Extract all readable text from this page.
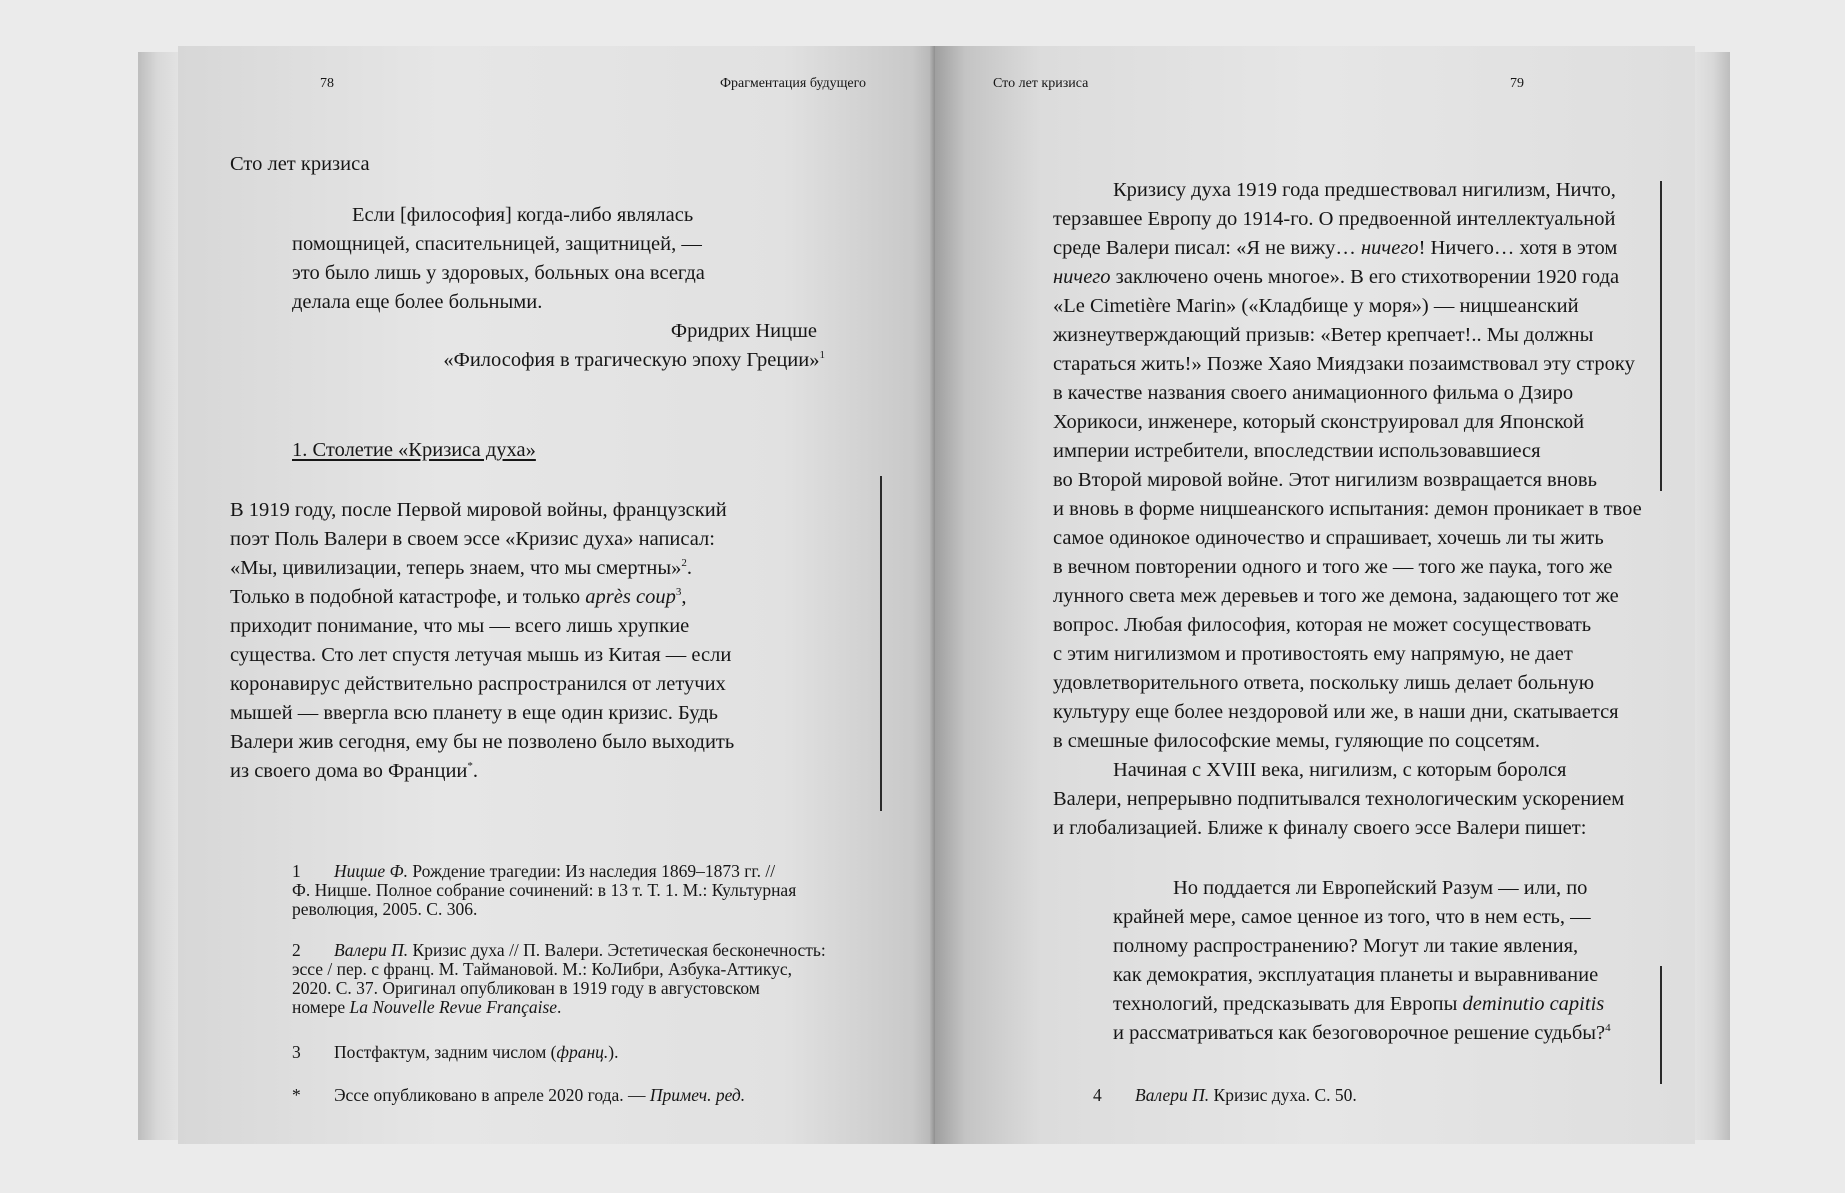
78	Фрагментация будущего
Сто лет кризиса
Если [философия] когда-либо являлась
помощницей, спасительницей, защитницей, —
это было лишь у здоровых, больных она всегда
делала еще более больными.
Фридрих Ницше
«Философия в трагическую эпоху Греции»$^1$
1. Столетие «Кризиса духа»
В 1919 году, после Первой мировой войны, французский
поэт Поль Валери в своем эссе «Кризис духа» написал:
«Мы, цивилизации, теперь знаем, что мы смертны»$^2$.
Только в подобной катастрофе, и только après coup$^3$,
приходит понимание, что мы — всего лишь хрупкие
существа. Сто лет спустя летучая мышь из Китая — если
коронавирус действительно распространился от летучих
мышей — ввергла всю планету в еще один кризис. Будь
Валери жив сегодня, ему бы не позволено было выходить
из своего дома во Франции*.
1 Ницше Ф. Рождение трагедии: Из наследия 1869–1873 гг. //
Ф. Ницше. Полное собрание сочинений: в 13 т. Т. 1. М.: Культурная
революция, 2005. С. 306.
2 Валери П. Кризис духа // П. Валери. Эстетическая бесконечность:
эссе / пер. с франц. М. Таймановой. М.: КоЛибри, Азбука-Аттикус,
2020. С. 37. Оригинал опубликован в 1919 году в августовском
номере La Nouvelle Revue Française.
3 Постфактум, задним числом (франц.).
* Эссе опубликовано в апреле 2020 года. — Примеч. ред.
Сто лет кризиса	79
Кризису духа 1919 года предшествовал нигилизм, Ничто,
терзавшее Европу до 1914-го. О предвоенной интеллектуальной
среде Валери писал: «Я не вижу… ничего! Ничего… хотя в этом
ничего заключено очень многое». В его стихотворении 1920 года
«Le Cimetière Marin» («Кладбище у моря») — ницшеанский
жизнеутверждающий призыв: «Ветер крепчает!.. Мы должны
стараться жить!» Позже Хаяо Миядзаки позаимствовал эту строку
в качестве названия своего анимационного фильма о Дзиро
Хорикоси, инженере, который сконструировал для Японской
империи истребители, впоследствии использовавшиеся
во Второй мировой войне. Этот нигилизм возвращается вновь
и вновь в форме ницшеанского испытания: демон проникает в твое
самое одинокое одиночество и спрашивает, хочешь ли ты жить
в вечном повторении одного и того же — того же паука, того же
лунного света меж деревьев и того же демона, задающего тот же
вопрос. Любая философия, которая не может сосуществовать
с этим нигилизмом и противостоять ему напрямую, не дает
удовлетворительного ответа, поскольку лишь делает больную
культуру еще более нездоровой или же, в наши дни, скатывается
в смешные философские мемы, гуляющие по соцсетям.
Начиная с XVIII века, нигилизм, с которым боролся
Валери, непрерывно подпитывался технологическим ускорением
и глобализацией. Ближе к финалу своего эссе Валери пишет:
Но поддается ли Европейский Разум — или, по
крайней мере, самое ценное из того, что в нем есть, —
полному распространению? Могут ли такие явления,
как демократия, эксплуатация планеты и выравнивание
технологий, предсказывать для Европы deminutio capitis
и рассматриваться как безоговорочное решение судьбы?$^4$
4 Валери П. Кризис духа. С. 50.
